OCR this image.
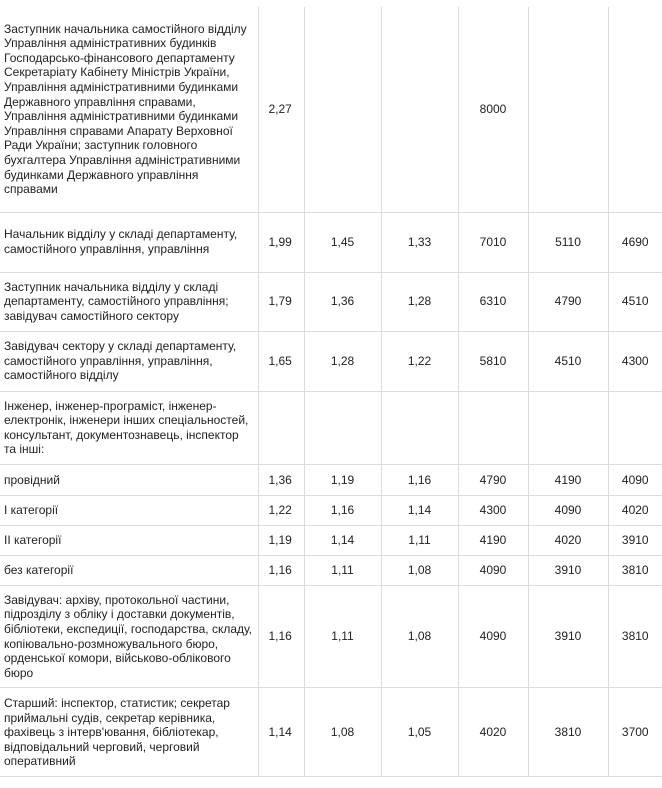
Заступник начальника самостійного відділу Управління адміністративних будинків Господарсько-фінансового департаменту Секретаріату Кабінету Міністрів України, Управління адміністративними будинками Державного управління справами, Управління адміністративними будинками Управління справами Апарату Верховної Ради України; заступник головного бухгалтера Управління адміністративними будинками Державного управління справами	2,27			8000		
Начальник відділу у складі департаменту, самостійного управління, управління	1,99	1,45	1,33	7010	5110	4690
Заступник начальника відділу у складі департаменту, самостійного управління; завідувач самостійного сектору	1,79	1,36	1,28	6310	4790	4510
Завідувач сектору у складі департаменту, самостійного управління, управління, самостійного відділу	1,65	1,28	1,22	5810	4510	4300
Інженер, інженер-програміст, інженер-електронік, інженери інших спеціальностей, консультант, документознавець, інспектор та інші:						
провідний	1,36	1,19	1,16	4790	4190	4090
I категорії	1,22	1,16	1,14	4300	4090	4020
II категорії	1,19	1,14	1,11	4190	4020	3910
без категорії	1,16	1,11	1,08	4090	3910	3810
Завідувач: архіву, протокольної частини, підрозділу з обліку і доставки документів, бібліотеки, експедиції, господарства, складу, копіювально-розмножувального бюро, орденської комори, військово-облікового бюро	1,16	1,11	1,08	4090	3910	3810
Старший: інспектор, статистик; секретар приймальні судів, секретар керівника, фахівець з інтерв'ювання, бібліотекар, відповідальний черговий, черговий оперативний	1,14	1,08	1,05	4020	3810	3700
